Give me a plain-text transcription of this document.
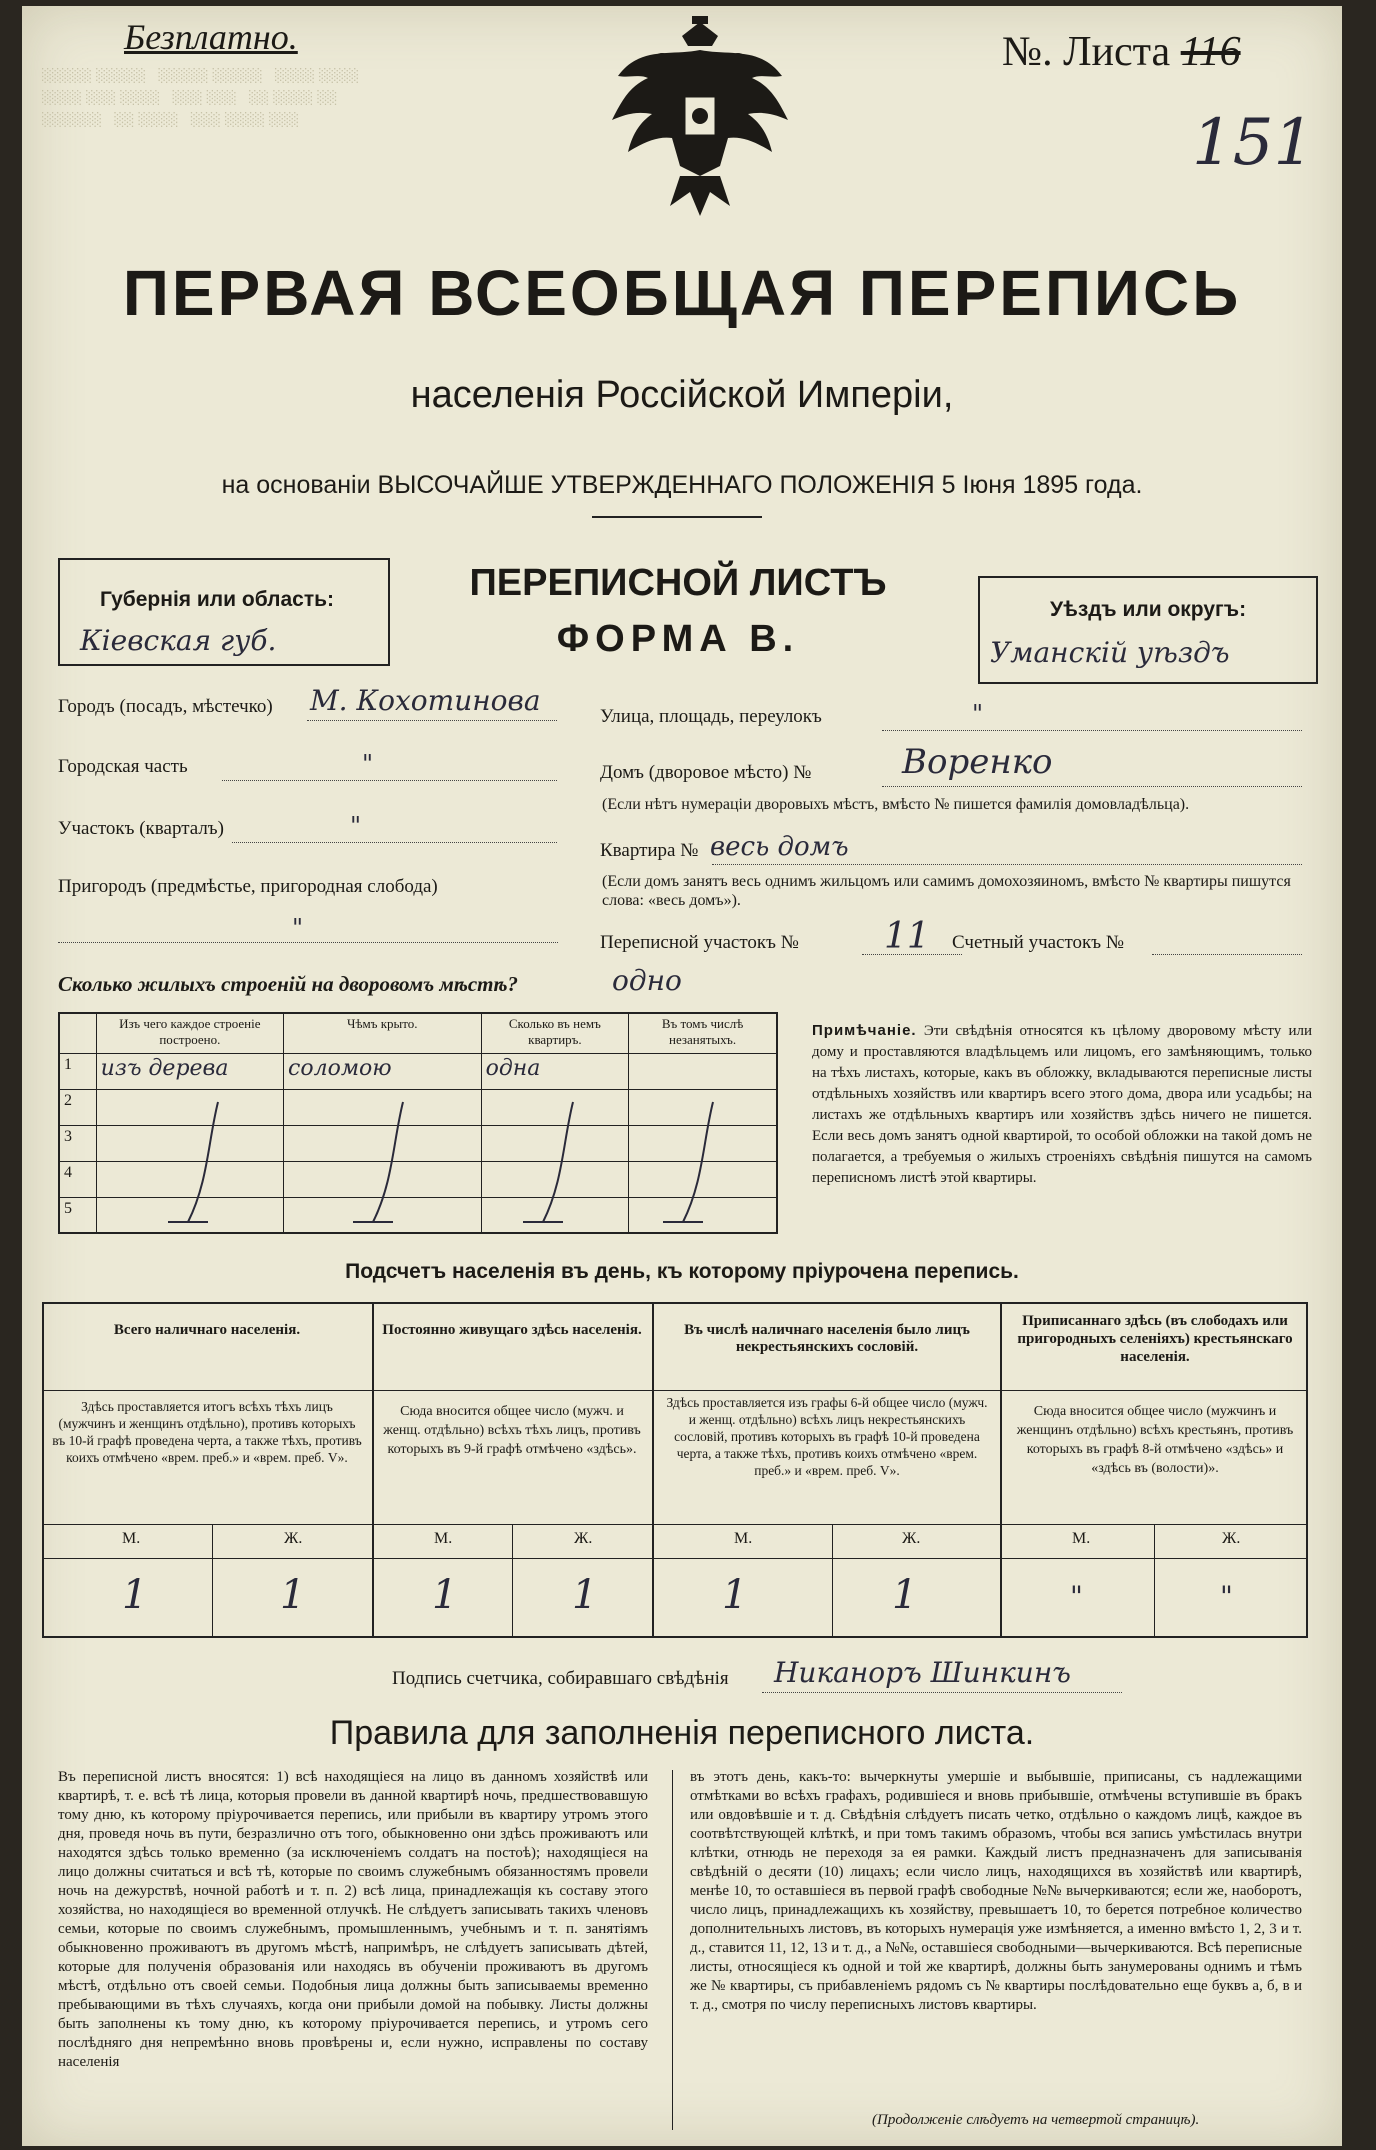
░░░░░ ░░░░░   ░░░░░ ░░░░░   ░░░░ ░░░░
░░░░ ░░░ ░░░░   ░░░ ░░░   ░░ ░░░░ ░░
░░░░░░   ░░ ░░░░   ░░░ ░░░░ ░░░
Безплатно.	№. Листа 116
151
ПЕРВАЯ ВСЕОБЩАЯ ПЕРЕПИСЬ
населенія Россійской Имперіи,
на основаніи ВЫСОЧАЙШЕ УТВЕРЖДЕННАГО ПОЛОЖЕНІЯ 5 Іюня 1895 года.
Губернія или область:
Кіевская губ.
ПЕРЕПИСНОЙ ЛИСТЪ
ФОРМА В.
Уѣздъ или округъ:
Уманскій уѣздъ
Городъ (посадъ, мѣстечко) М. Кохотинова
Городская часть	"
Участокъ (кварталъ)	"
Пригородъ (предмѣстье, пригородная слобода)
"
Улица, площадь, переулокъ	"
Домъ (дворовое мѣсто) №	Воренко
(Если нѣтъ нумераціи дворовыхъ мѣстъ, вмѣсто № пишется фамилія домовладѣльца).
Квартира № весь домъ
(Если домъ занятъ весь однимъ жильцомъ или самимъ домохозяиномъ, вмѣсто № квартиры пишутся слова: «весь домъ»).
Переписной участокъ № 11 Счетный участокъ №
Сколько жилыхъ строеній на дворовомъ мѣстѣ?	одно
	Изъ чего каждое строеніе построено.	Чѣмъ крыто.	Сколько въ немъ квартиръ.	Въ томъ числѣ незанятыхъ.
1	изъ дерева	соломою	одна	
2				
3				
4				
5				
Примѣчаніе. Эти свѣдѣнія относятся къ цѣлому дворовому мѣсту или дому и проставляются владѣльцемъ или лицомъ, его замѣняющимъ, только на тѣхъ листахъ, которые, какъ въ обложку, вкладываются переписные листы отдѣльныхъ хозяйствъ или квартиръ всего этого дома, двора или усадьбы; на листахъ же отдѣльныхъ квартиръ или хозяйствъ здѣсь ничего не пишется. Если весь домъ занятъ одной квартирой, то особой обложки на такой домъ не полагается, а требуемыя о жилыхъ строеніяхъ свѣдѣнія пишутся на самомъ переписномъ листѣ этой квартиры.
Подсчетъ населенія въ день, къ которому пріурочена перепись.
Всего наличнаго населенія.
Здѣсь проставляется итогъ всѣхъ тѣхъ лицъ (мужчинъ и женщинъ отдѣльно), противъ которыхъ въ 10-й графѣ проведена черта, а также тѣхъ, противъ коихъ отмѣчено «врем. преб.» и «врем. преб. V».
М.	Ж.
1	1
Постоянно живущаго здѣсь населенія.
Сюда вносится общее число (мужч. и женщ. отдѣльно) всѣхъ тѣхъ лицъ, противъ которыхъ въ 9-й графѣ отмѣчено «здѣсь».
М.	Ж.
1	1
Въ числѣ наличнаго населенія было лицъ некрестьянскихъ сословій.
Здѣсь проставляется изъ графы 6-й общее число (мужч. и женщ. отдѣльно) всѣхъ лицъ некрестьянскихъ сословій, противъ которыхъ въ графѣ 10-й проведена черта, а также тѣхъ, противъ коихъ отмѣчено «врем. преб.» и «врем. преб. V».
М.	Ж.
1	1
Приписаннаго здѣсь (въ слободахъ или пригородныхъ селеніяхъ) крестьянскаго населенія.
Сюда вносится общее число (мужчинъ и женщинъ отдѣльно) всѣхъ крестьянъ, противъ которыхъ въ графѣ 8-й отмѣчено «здѣсь» и «здѣсь въ (волости)».
М.	Ж.
"	"
Подпись счетчика, собиравшаго свѣдѣнія Никаноръ Шинкинъ
Правила для заполненія переписного листа.
Въ переписной листъ вносятся: 1) всѣ находящіеся на лицо въ данномъ хозяйствѣ или квартирѣ, т. е. всѣ тѣ лица, которыя провели въ данной квартирѣ ночь, предшествовавшую тому дню, къ которому пріурочивается перепись, или прибыли въ квартиру утромъ этого дня, проведя ночь въ пути, безразлично отъ того, обыкновенно они здѣсь проживаютъ или находятся здѣсь только временно (за исключеніемъ солдатъ на постоѣ); находящіеся на лицо должны считаться и всѣ тѣ, которые по своимъ служебнымъ обязанностямъ провели ночь на дежурствѣ, ночной работѣ и т. п. 2) всѣ лица, принадлежащія къ составу этого хозяйства, но находящіеся во временной отлучкѣ. Не слѣдуетъ записывать такихъ членовъ семьи, которые по своимъ служебнымъ, промышленнымъ, учебнымъ и т. п. занятіямъ обыкновенно проживаютъ въ другомъ мѣстѣ, напримѣръ, не слѣдуетъ записывать дѣтей, которые для полученія образованія или находясь въ обученіи проживаютъ въ другомъ мѣстѣ, отдѣльно отъ своей семьи. Подобныя лица должны быть записываемы временно пребывающими въ тѣхъ случаяхъ, когда они прибыли домой на побывку. Листы должны быть заполнены къ тому дню, къ которому пріурочивается перепись, и утромъ сего послѣдняго дня непремѣнно вновь провѣрены и, если нужно, исправлены по составу населенія
въ этотъ день, какъ-то: вычеркнуты умершіе и выбывшіе, приписаны, съ надлежащими отмѣтками во всѣхъ графахъ, родившіеся и вновь прибывшіе, отмѣчены вступившіе въ бракъ или овдовѣвшіе и т. д. Свѣдѣнія слѣдуетъ писать четко, отдѣльно о каждомъ лицѣ, каждое въ соотвѣтствующей клѣткѣ, и при томъ такимъ образомъ, чтобы вся запись умѣстилась внутри клѣтки, отнюдь не переходя за ея рамки. Каждый листъ предназначенъ для записыванія свѣдѣній о десяти (10) лицахъ; если число лицъ, находящихся въ хозяйствѣ или квартирѣ, менѣе 10, то оставшіеся въ первой графѣ свободные №№ вычеркиваются; если же, наоборотъ, число лицъ, принадлежащихъ къ хозяйству, превышаетъ 10, то берется потребное количество дополнительныхъ листовъ, въ которыхъ нумерація уже измѣняется, а именно вмѣсто 1, 2, 3 и т. д., ставится 11, 12, 13 и т. д., а №№, оставшіеся свободными—вычеркиваются. Всѣ переписные листы, относящіеся къ одной и той же квартирѣ, должны быть занумерованы однимъ и тѣмъ же № квартиры, съ прибавленіемъ рядомъ съ № квартиры послѣдовательно еще буквъ а, б, в и т. д., смотря по числу переписныхъ листовъ квартиры.
(Продолженіе слѣдуетъ на четвертой страницѣ).
